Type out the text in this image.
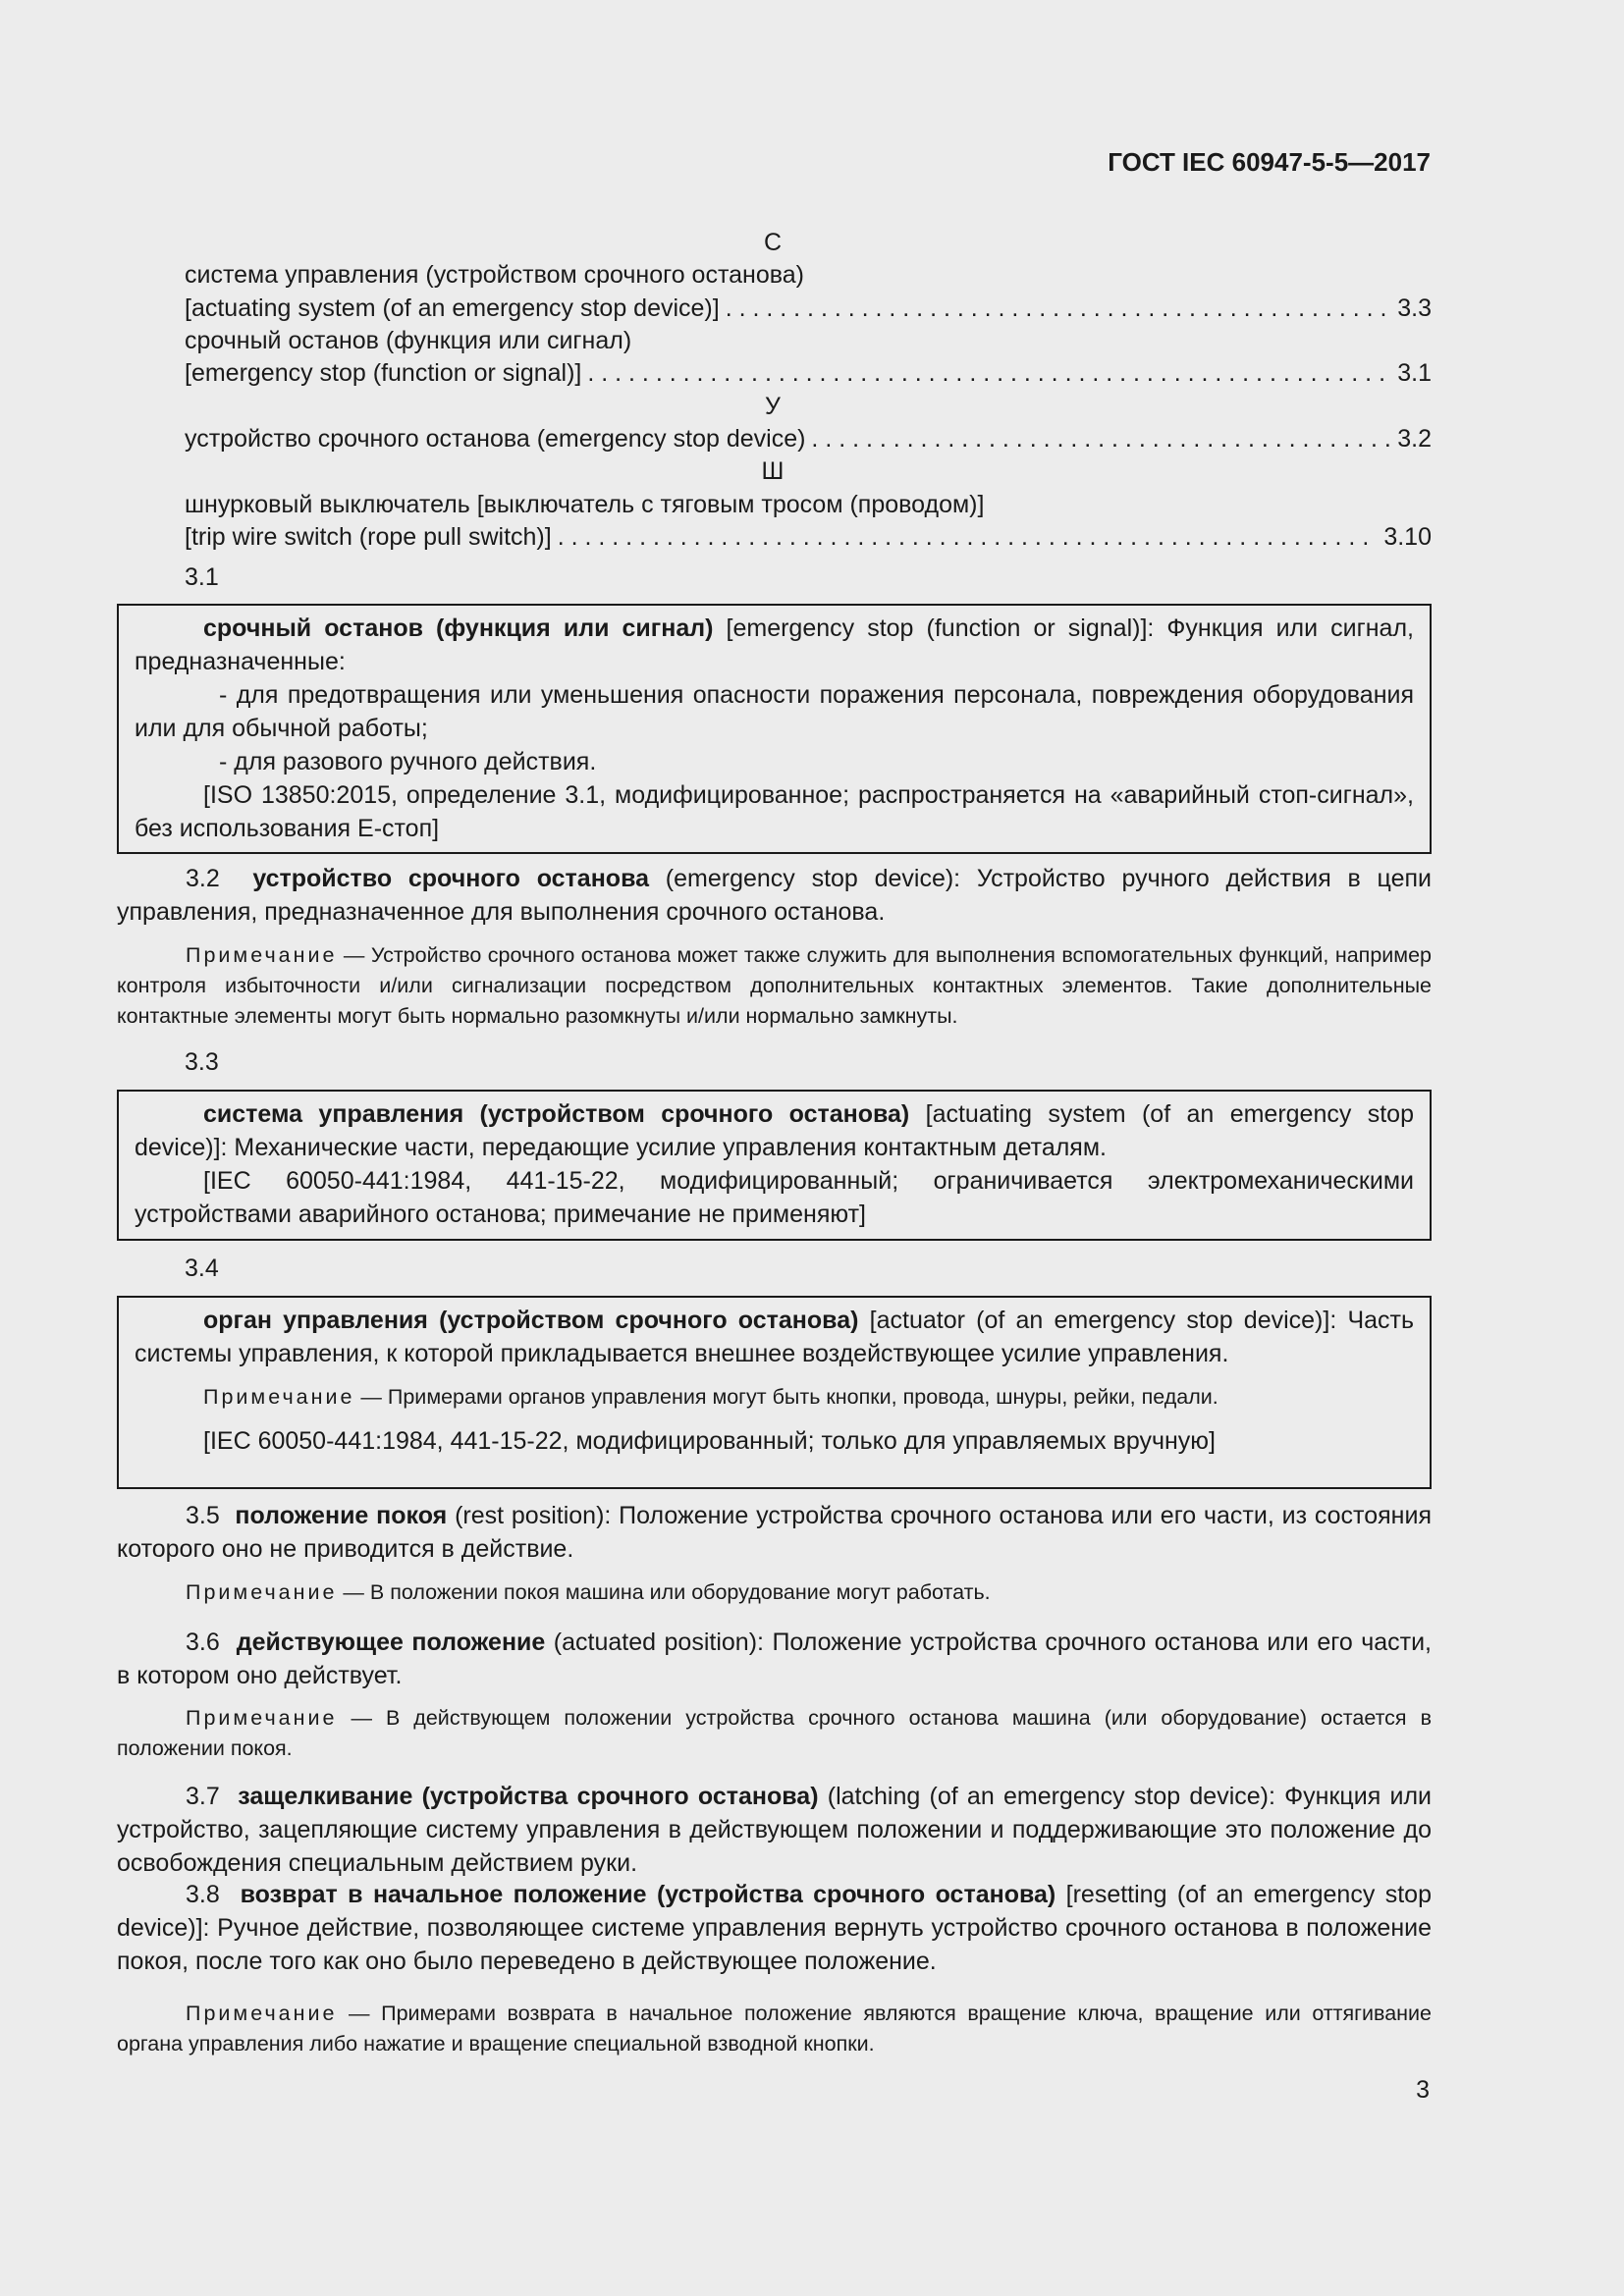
ГОСТ IEC 60947-5-5—2017
С
система управления (устройством срочного останова)
[actuating system (of an emergency stop device)] . . .	3.3
срочный останов (функция или сигнал)
[emergency stop (function or signal)] . . .	3.1
У
устройство срочного останова (emergency stop device) . . .	3.2
Ш
шнурковый выключатель [выключатель с тяговым тросом (проводом)]
[trip wire switch (rope pull switch)] . . .	3.10
3.1

срочный останов (функция или сигнал) [emergency stop (function or signal)]: Функция или сигнал, предназначенные:

- для предотвращения или уменьшения опасности поражения персонала, повреждения оборудования или для обычной работы;

- для разового ручного действия.

[ISO 13850:2015, определение 3.1, модифицированное; распространяется на «аварийный стоп-сигнал», без использования Е-стоп]

3.2 устройство срочного останова (emergency stop device): Устройство ручного действия в цепи управления, предназначенное для выполнения срочного останова.

Примечание — Устройство срочного останова может также служить для выполнения вспомогательных функций, например контроля избыточности и/или сигнализации посредством дополнительных контактных элементов. Такие дополнительные контактные элементы могут быть нормально разомкнуты и/или нормально замкнуты.

3.3

система управления (устройством срочного останова) [actuating system (of an emergency stop device)]: Механические части, передающие усилие управления контактным деталям.

[IEC 60050-441:1984, 441-15-22, модифицированный; ограничивается электромеханическими устройствами аварийного останова; примечание не применяют]

3.4

орган управления (устройством срочного останова) [actuator (of an emergency stop device)]: Часть системы управления, к которой прикладывается внешнее воздействующее усилие управления.

Примечание — Примерами органов управления могут быть кнопки, провода, шнуры, рейки, педали.

[IEC 60050-441:1984, 441-15-22, модифицированный; только для управляемых вручную]

3.5 положение покоя (rest position): Положение устройства срочного останова или его части, из состояния которого оно не приводится в действие.

Примечание — В положении покоя машина или оборудование могут работать.

3.6 действующее положение (actuated position): Положение устройства срочного останова или его части, в котором оно действует.

Примечание — В действующем положении устройства срочного останова машина (или оборудование) остается в положении покоя.

3.7 защелкивание (устройства срочного останова) (latching (of an emergency stop device): Функция или устройство, зацепляющие систему управления в действующем положении и поддерживающие это положение до освобождения специальным действием руки.

3.8 возврат в начальное положение (устройства срочного останова) [resetting (of an emergency stop device)]: Ручное действие, позволяющее системе управления вернуть устройство срочного останова в положение покоя, после того как оно было переведено в действующее положение.

Примечание — Примерами возврата в начальное положение являются вращение ключа, вращение или оттягивание органа управления либо нажатие и вращение специальной взводной кнопки.

3
